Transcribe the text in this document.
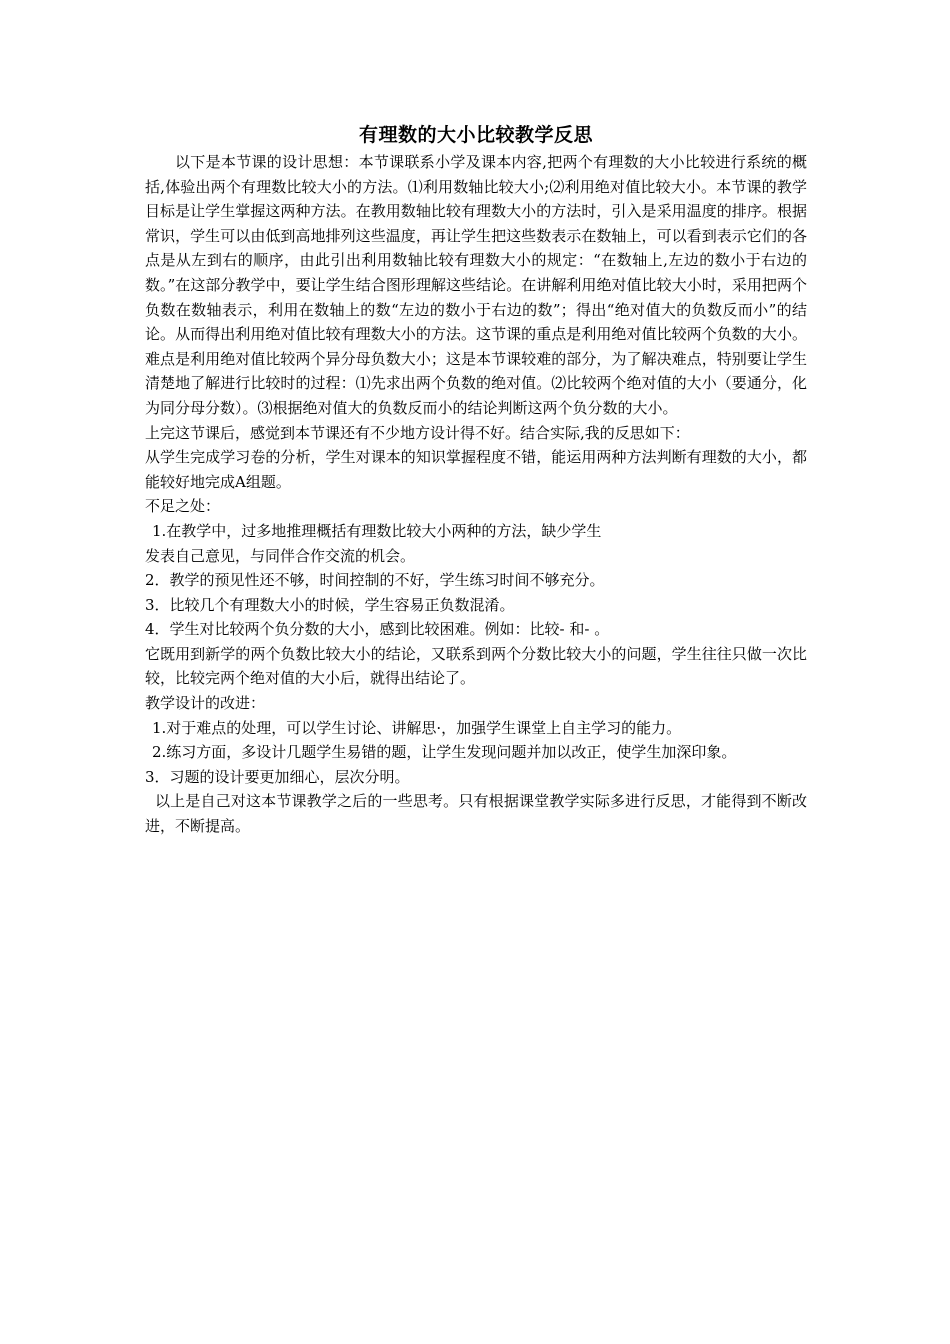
有理数的大小比较教学反思

以下是本节课的设计思想：本节课联系小学及课本内容,把两个有理数的大小比较进行系统的概括,体验出两个有理数比较大小的方法。⑴利用数轴比较大小;⑵利用绝对值比较大小。本节课的教学目标是让学生掌握这两种方法。在教用数轴比较有理数大小的方法时，引入是采用温度的排序。根据常识，学生可以由低到高地排列这些温度，再让学生把这些数表示在数轴上，可以看到表示它们的各点是从左到右的顺序，由此引出利用数轴比较有理数大小的规定：“在数轴上,左边的数小于右边的数。”在这部分教学中，要让学生结合图形理解这些结论。在讲解利用绝对值比较大小时，采用把两个负数在数轴表示，利用在数轴上的数“左边的数小于右边的数”；得出“绝对值大的负数反而小”的结论。从而得出利用绝对值比较有理数大小的方法。这节课的重点是利用绝对值比较两个负数的大小。难点是利用绝对值比较两个异分母负数大小；这是本节课较难的部分，为了解决难点，特别要让学生清楚地了解进行比较时的过程：⑴先求出两个负数的绝对值。⑵比较两个绝对值的大小（要通分，化为同分母分数）。⑶根据绝对值大的负数反而小的结论判断这两个负分数的大小。

上完这节课后，感觉到本节课还有不少地方设计得不好。结合实际,我的反思如下：

从学生完成学习卷的分析，学生对课本的知识掌握程度不错，能运用两种方法判断有理数的大小，都能较好地完成A组题。

不足之处：

1.在教学中，过多地推理概括有理数比较大小两种的方法，缺少学生

发表自己意见，与同伴合作交流的机会。

2．教学的预见性还不够，时间控制的不好，学生练习时间不够充分。

3．比较几个有理数大小的时候，学生容易正负数混淆。

4．学生对比较两个负分数的大小，感到比较困难。例如：比较- 和- 。

它既用到新学的两个负数比较大小的结论，又联系到两个分数比较大小的问题，学生往往只做一次比较，比较完两个绝对值的大小后，就得出结论了。

教学设计的改进：

1.对于难点的处理，可以学生讨论、讲解思·，加强学生课堂上自主学习的能力。

2.练习方面，多设计几题学生易错的题，让学生发现问题并加以改正，使学生加深印象。

3．习题的设计要更加细心，层次分明。

以上是自己对这本节课教学之后的一些思考。只有根据课堂教学实际多进行反思，才能得到不断改进，不断提高。
